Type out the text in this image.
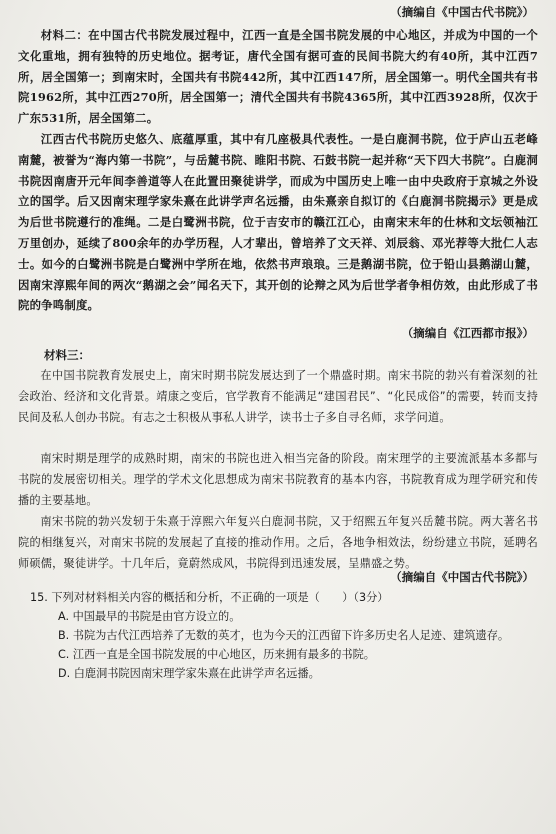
（摘编自《中国古代书院》）
材料二：在中国古代书院发展过程中，江西一直是全国书院发展的中心地区，并成为中国的一个文化重地，拥有独特的历史地位。据考证，唐代全国有据可查的民间书院大约有40所，其中江西7所，居全国第一；到南宋时，全国共有书院442所，其中江西147所，居全国第一。明代全国共有书院1962所，其中江西270所，居全国第一；清代全国共有书院4365所，其中江西3928所，仅次于广东531所，居全国第二。
江西古代书院历史悠久、底蕴厚重，其中有几座极具代表性。一是白鹿洞书院，位于庐山五老峰南麓，被誉为“海内第一书院”，与岳麓书院、睢阳书院、石鼓书院一起并称“天下四大书院”。白鹿洞书院因南唐开元年间李善道等人在此置田聚徒讲学，而成为中国历史上唯一由中央政府于京城之外设立的国学。后又因南宋理学家朱熹在此讲学声名远播，由朱熹亲自拟订的《白鹿洞书院揭示》更是成为后世书院遵行的准绳。二是白鹭洲书院，位于吉安市的赣江江心，由南宋末年的仕林和文坛领袖江万里创办，延续了800余年的办学历程，人才辈出，曾培养了文天祥、刘辰翁、邓光荐等大批仁人志士。如今的白鹭洲书院是白鹭洲中学所在地，依然书声琅琅。三是鹅湖书院，位于铅山县鹅湖山麓，因南宋淳熙年间的两次“鹅湖之会”闻名天下，其开创的论辩之风为后世学者争相仿效，由此形成了书院的争鸣制度。
（摘编自《江西都市报》）
材料三：
在中国书院教育发展史上，南宋时期书院发展达到了一个鼎盛时期。南宋书院的勃兴有着深刻的社会政治、经济和文化背景。靖康之变后，官学教育不能满足“建国君民”、“化民成俗”的需要，转而支持民间及私人创办书院。有志之士积极从事私人讲学，读书士子多自寻名师，求学问道。
南宋时期是理学的成熟时期，南宋的书院也进入相当完备的阶段。南宋理学的主要流派基本多都与书院的发展密切相关。理学的学术文化思想成为南宋书院教育的基本内容，书院教育成为理学研究和传播的主要基地。
南宋书院的勃兴发轫于朱熹于淳熙六年复兴白鹿洞书院，又于绍熙五年复兴岳麓书院。两大著名书院的相继复兴，对南宋书院的发展起了直接的推动作用。之后，各地争相效法，纷纷建立书院，延聘名师硕儒，聚徒讲学。十几年后，竟蔚然成风，书院得到迅速发展，呈鼎盛之势。
（摘编自《中国古代书院》）
15. 下列对材料相关内容的概括和分析，不正确的一项是（　　）（3分）
A. 中国最早的书院是由官方设立的。
B. 书院为古代江西培养了无数的英才，也为今天的江西留下许多历史名人足迹、建筑遗存。
C. 江西一直是全国书院发展的中心地区，历来拥有最多的书院。
D. 白鹿洞书院因南宋理学家朱熹在此讲学声名远播。
